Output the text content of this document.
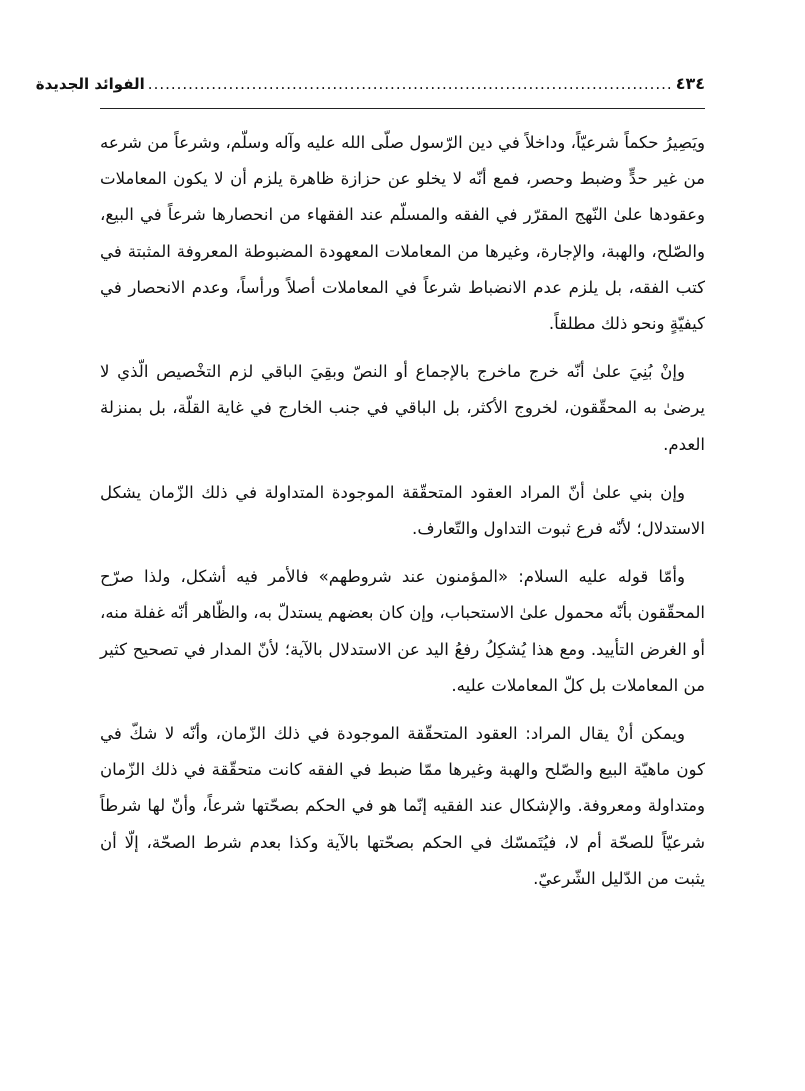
٤٣٤
...........................................................................................
الفوائد الجديدة

ويَصِيرُ حكماً شرعيّاً، وداخلاً في دين الرّسول صلّى الله عليه وآله وسلّم، وشرعاً من شرعه من غير حدٍّ وضبط وحصر، فمع أنّه لا يخلو عن حزازة ظاهرة يلزم أن لا يكون المعاملات وعقودها علىٰ النّهج المقرّر في الفقه والمسلّم عند الفقهاء من انحصارها شرعاً في البيع، والصّلح، والهبة، والإجارة، وغيرها من المعاملات المعهودة المضبوطة المعروفة المثبتة في كتب الفقه، بل يلزم عدم الانضباط شرعاً في المعاملات أصلاً ورأساً، وعدم الانحصار في كيفيّةٍ ونحو ذلك مطلقاً.

وإنْ بُنِيَ علىٰ أنّه خرج ماخرج بالإجماع أو النصّ وبقِيَ الباقي لزم التخْصيص الّذي لا يرضىٰ به المحقّقون، لخروج الأكثر، بل الباقي في جنب الخارج في غاية القلّة، بل بمنزلة العدم.

وإن بني علىٰ أنّ المراد العقود المتحقّقة الموجودة المتداولة في ذلك الزّمان يشكل الاستدلال؛ لأنّه فرع ثبوت التداول والتّعارف.

وأمّا قوله عليه السلام: «المؤمنون عند شروطهم» فالأمر فيه أشكل، ولذا صرّح المحقّقون بأنّه محمول علىٰ الاستحباب، وإن كان بعضهم يستدلّ به، والظّاهر أنّه غفلة منه، أو الغرض التأييد. ومع هذا يُشكِلُ رفعُ اليد عن الاستدلال بالآية؛ لأنّ المدار في تصحيح كثير من المعاملات بل كلّ المعاملات عليه.

ويمكن أنْ يقال المراد: العقود المتحقّقة الموجودة في ذلك الزّمان، وأنّه لا شكّ في كون ماهيّة البيع والصّلح والهبة وغيرها ممّا ضبط في الفقه كانت متحقّقة في ذلك الزّمان ومتداولة ومعروفة. والإشكال عند الفقيه إنّما هو في الحكم بصحّتها شرعاً، وأنّ لها شرطاً شرعيّاً للصحّة أم لا، فيُتَمسّك في الحكم بصحّتها بالآية وكذا بعدم شرط الصحّة، إلّا أن يثبت من الدّليل الشّرعيّ.
